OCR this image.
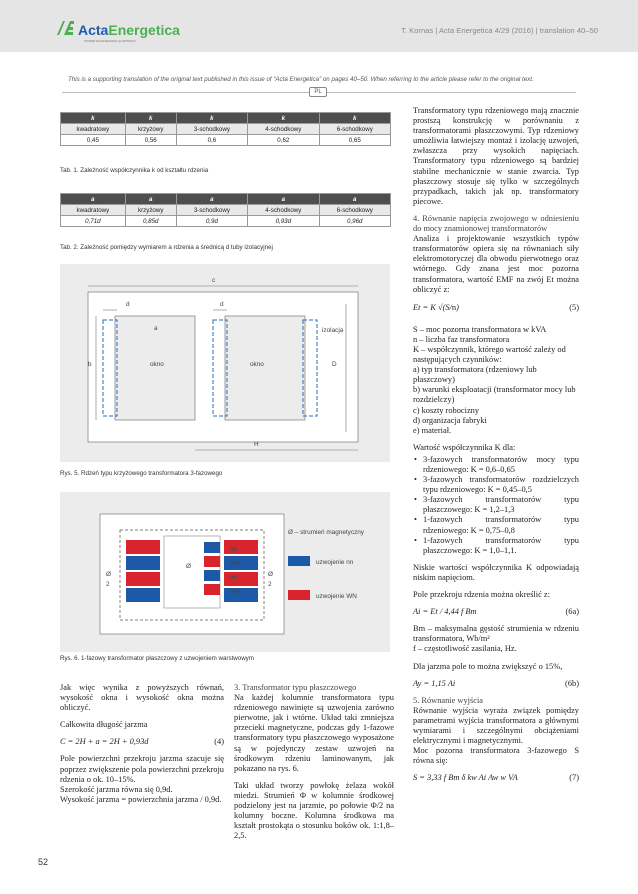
ActaEnergetica
POWER ENGINEERING QUARTERLY
T. Kornas | Acta Energetica 4/29 (2016) | translation 40–50
This is a supporting translation of the original text published in this issue of “Acta Energetica” on pages 40–50. When referring to the article please refer to the original text.
PL
k	k	k	k	k
kwadratowy	krzyżowy	3-schodkowy	4-schodkowy	6-schodkowy
0,45	0,56	0,6	0,62	0,65
Tab. 1. Zależność współczynnika k od kształtu rdzenia
a	a	a	a	a
kwadratowy	krzyżowy	3-schodkowy	4-schodkowy	6-schodkowy
0,71d	0,85d	0,9d	0,93d	0,96d
Tab. 2. Zależność pomiędzy wymiarem a rdzenia a średnicą d tuby izolacyjnej
c
d	d
a	izolacja
b	okno	okno	D
H
Rys. 5. Rdzeń typu krzyżowego transformatora 3-fazowego
nn
WN
nn
WN
Ø
Ø
2
Ø
2
Ø – strumień magnetyczny
uzwojenie nn
uzwojenie WN
Rys. 6. 1-fazowy transformator płaszczowy z uzwojeniem warstwowym

Jak więc wynika z powyższych równań, wysokość okna i wysokość okna można obliczyć.

Całkowita długość jarzma

C = 2H + a = 2H + 0,93d	(4)

Pole powierzchni przekroju jarzma szacuje się poprzez zwiększenie pola powierzchni przekroju rdzenia o ok. 10–15%.

Szerokość jarzma równa się 0,9d.

Wysokość jarzma = powierzchnia jarzma / 0,9d.

3. Transformator typu płaszczowego

Na każdej kolumnie transformatora typu rdzeniowego nawinięte są uzwojenia zarówno pierwotne, jak i wtórne. Układ taki zmniejsza przecieki magnetyczne, podczas gdy 1-fazowe transformatory typu płaszczowego wyposażone są w pojedynczy zestaw uzwojeń na środkowym rdzeniu laminowanym, jak pokazano na rys. 6.

Taki układ tworzy powłokę żelaza wokół miedzi. Strumień Φ w kolumnie środkowej podzielony jest na jarzmie, po połowie Φ/2 na kolumny boczne. Kolumna środkowa ma kształt prostokąta o stosunku boków ok. 1:1,8–2,5.

Transformatory typu rdzeniowego mają znacznie prostszą konstrukcję w porównaniu z transformatorami płaszczowymi. Typ rdzeniowy umożliwia łatwiejszy montaż i izolację uzwojeń, zwłaszcza przy wysokich napięciach. Transformatory typu rdzeniowego są bardziej stabilne mechanicznie w stanie zwarcia. Typ płaszczowy stosuje się tylko w szczególnych przypadkach, takich jak np. transformatory piecowe.

4. Równanie napięcia zwojowego w odniesieniu do mocy znamionowej transformatorów

Analiza i projektowanie wszystkich typów transformatorów opiera się na równaniach siły elektromotoryczej dla obwodu pierwotnego oraz wtórnego. Gdy znana jest moc pozorna transformatora, wartość EMF na zwój Et można obliczyć z:

Et = K √(S/n)	(5)

S – moc pozorna transformatora w kVA
n – liczba faz transformatora
K – współczynnik, którego wartość zależy od następujących czynników:
a) typ transformatora (rdzeniowy lub płaszczowy)
b) warunki eksploatacji (transformator mocy lub rozdzielczy)
c) koszty robocizny
d) organizacja fabryki
e) materiał.

Wartość współczynnika K dla:

• 3-fazowych transformatorów mocy typu rdzeniowego: K = 0,6–0,65
• 3-fazowych transformatorów rozdzielczych typu rdzeniowego: K = 0,45–0,5
• 3-fazowych transformatorów typu płaszczowego: K = 1,2–1,3
• 1-fazowych transformatorów typu rdzeniowego: K = 0,75–0,8
• 1-fazowych transformatorów typu płaszczowego: K = 1,0–1,1.

Niskie wartości współczynnika K odpowiadają niskim napięciom.

Pole przekroju rdzenia można określić z:

Ai = Et / 4,44 f Bm	(6a)

Bm – maksymalna gęstość strumienia w rdzeniu transformatora, Wb/m²

f – częstotliwość zasilania, Hz.

Dla jarzma pole to można zwiększyć o 15%,

Ay = 1,15 Ai	(6b)
5. Równanie wyjścia

Równanie wyjścia wyraża związek pomiędzy parametrami wyjścia transformatora a głównymi wymiarami i szczególnymi obciążeniami elektrycznymi i magnetycznymi.

Moc pozorna transformatora 3-fazowego S równa się:

S = 3,33 f Bm δ kw Ai Aw w VA	(7)
52
